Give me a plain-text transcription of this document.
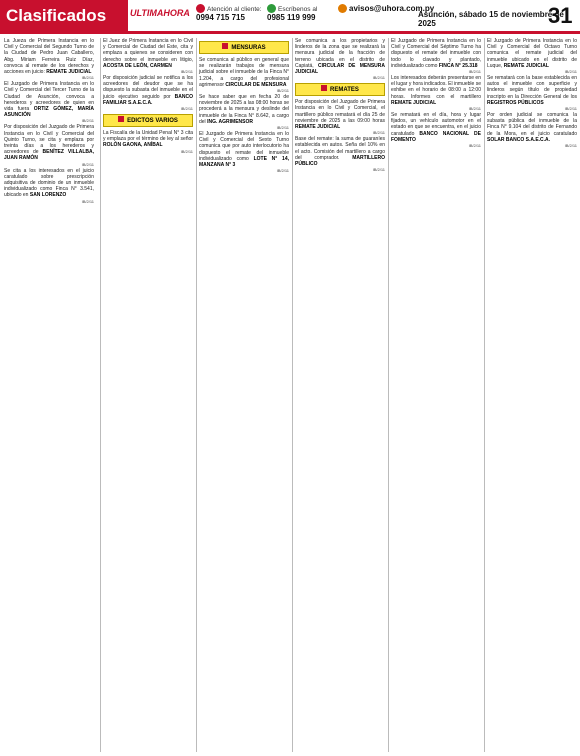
Clasificados	ULTIMAHORA	Atención al cliente:
0994 715 715
Escríbenos al
0985 119 999
avisos@uhora.com.py
Asunción, sábado 15 de noviembre de 2025	31

La Jueza de Primera Instancia en lo Civil y Comercial del Segundo Turno de la Ciudad de Pedro Juan Caballero, Abg. Miriam Ferreira Ruiz Díaz, convoca al remate de los derechos y acciones en juicio: REMATE JUDICIAL
IB/2/11

El Juzgado de Primera Instancia en lo Civil y Comercial del Tercer Turno de la Ciudad de Asunción, convoca a herederos y acreedores de quien en vida fuera ORTIZ GÓMEZ, MARÍA ASUNCIÓN
IB/2/11

Por disposición del Juzgado de Primera Instancia en lo Civil y Comercial del Quinto Turno, se cita y emplaza por treinta días a los herederos y acreedores de BENÍTEZ VILLALBA, JUAN RAMÓN
IB/2/11

Se cita a los interesados en el juicio caratulado sobre prescripción adquisitiva de dominio de un inmueble individualizado como Finca N° 3.541, ubicado en SAN LORENZO
IB/2/11

El Juez de Primera Instancia en lo Civil y Comercial de Ciudad del Este, cita y emplaza a quienes se consideren con derecho sobre el inmueble en litigio, ACOSTA DE LEÓN, CARMEN
IB/2/11

Por disposición judicial se notifica a los acreedores del deudor que se ha dispuesto la subasta del inmueble en el juicio ejecutivo seguido por BANCO FAMILIAR S.A.E.C.A.
IB/2/11

EDICTOS VARIOS

La Fiscalía de la Unidad Penal N° 3 cita y emplaza por el término de ley al señor ROLÓN GAONA, ANÍBAL
IB/2/11

MENSURAS

Se comunica al público en general que se realizarán trabajos de mensura judicial sobre el inmueble de la Finca N° 1.204, a cargo del profesional agrimensor CIRCULAR DE MENSURA
IB/2/11

Se hace saber que en fecha 20 de noviembre de 2025 a las 08:00 horas se procederá a la mensura y deslinde del inmueble de la Finca N° 8.642, a cargo del ING. AGRIMENSOR
IB/2/11

El Juzgado de Primera Instancia en lo Civil y Comercial del Sexto Turno comunica que por auto interlocutorio ha dispuesto el remate del inmueble individualizado como LOTE N° 14, MANZANA N° 3
IB/2/11

Se comunica a los propietarios y linderos de la zona que se realizará la mensura judicial de la fracción de terreno ubicada en el distrito de Capiatá, CIRCULAR DE MENSURA JUDICIAL
IB/2/11

REMATES

Por disposición del Juzgado de Primera Instancia en lo Civil y Comercial, el martillero público rematará el día 25 de noviembre de 2025 a las 09:00 horas REMATE JUDICIAL
IB/2/11

Base del remate: la suma de guaraníes establecida en autos. Seña del 10% en el acto. Comisión del martillero a cargo del comprador. MARTILLERO PÚBLICO
IB/2/11

El Juzgado de Primera Instancia en lo Civil y Comercial del Séptimo Turno ha dispuesto el remate del inmueble con todo lo clavado y plantado, individualizado como FINCA N° 25.318
IB/2/11

Los interesados deberán presentarse en el lugar y hora indicados. El inmueble se exhibe en el horario de 08:00 a 12:00 horas. Informes con el martillero REMATE JUDICIAL
IB/2/11

Se rematará en el día, hora y lugar fijados, un vehículo automotor en el estado en que se encuentra, en el juicio caratulado BANCO NACIONAL DE FOMENTO
IB/2/11

El Juzgado de Primera Instancia en lo Civil y Comercial del Octavo Turno comunica el remate judicial del inmueble ubicado en el distrito de Luque, REMATE JUDICIAL
IB/2/11

Se rematará con la base establecida en autos el inmueble con superficie y linderos según título de propiedad inscripto en la Dirección General de los REGISTROS PÚBLICOS
IB/2/11

Por orden judicial se comunica la subasta pública del inmueble de la Finca N° 9.104 del distrito de Fernando de la Mora, en el juicio caratulado SOLAR BANCO S.A.E.C.A.
IB/2/11
